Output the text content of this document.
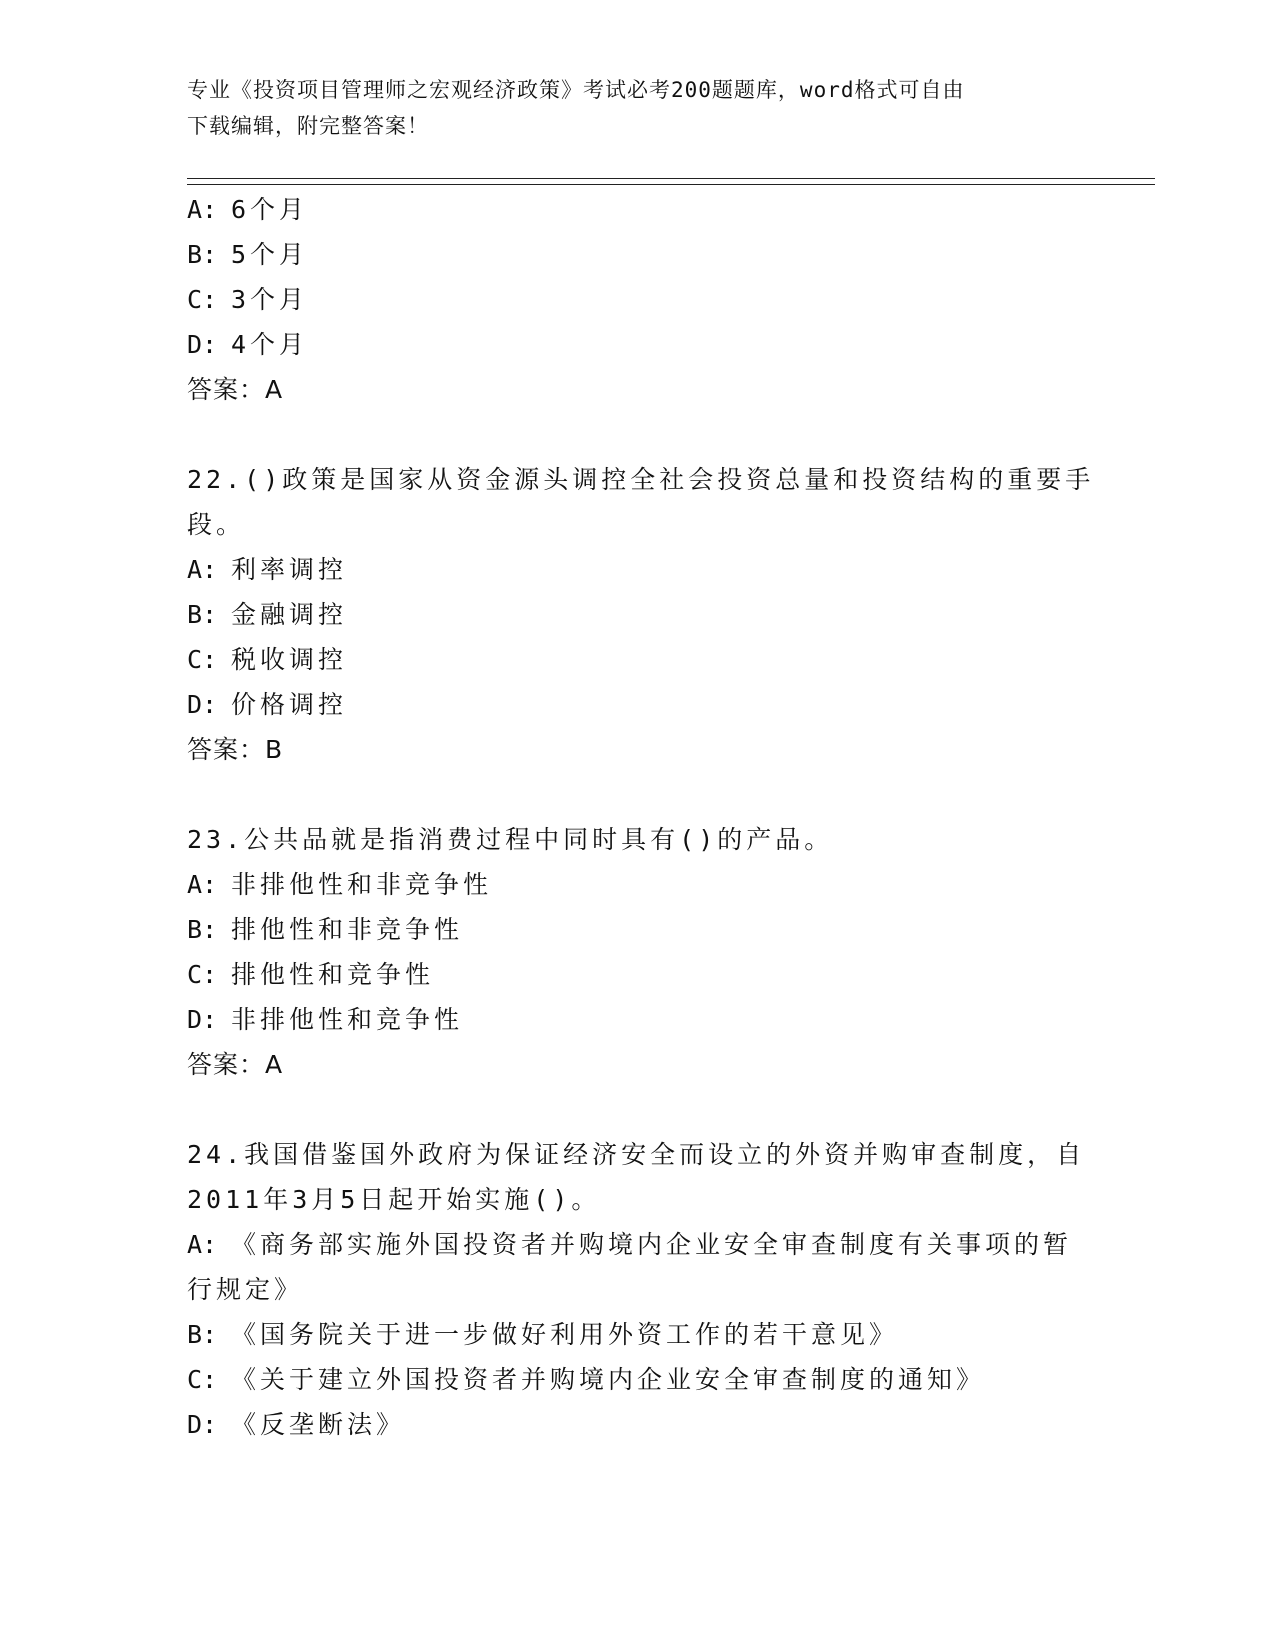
专业《投资项目管理师之宏观经济政策》考试必考200题题库，word格式可自由
下载编辑，附完整答案！
A: 6个月
B: 5个月
C: 3个月
D: 4个月
答案：A
22.()政策是国家从资金源头调控全社会投资总量和投资结构的重要手
段。
A: 利率调控
B: 金融调控
C: 税收调控
D: 价格调控
答案：B
23.公共品就是指消费过程中同时具有()的产品。
A: 非排他性和非竞争性
B: 排他性和非竞争性
C: 排他性和竞争性
D: 非排他性和竞争性
答案：A
24.我国借鉴国外政府为保证经济安全而设立的外资并购审查制度，自
2011年3月5日起开始实施()。
A: 《商务部实施外国投资者并购境内企业安全审查制度有关事项的暂
行规定》
B: 《国务院关于进一步做好利用外资工作的若干意见》
C: 《关于建立外国投资者并购境内企业安全审查制度的通知》
D: 《反垄断法》
